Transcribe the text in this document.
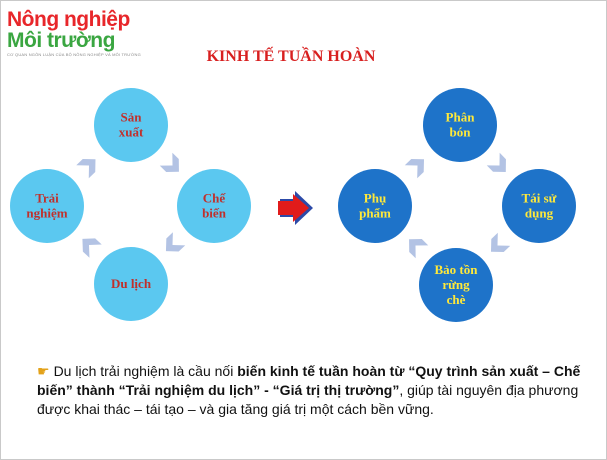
Nông nghiệp
Môi trường
CƠ QUAN NGÔN LUẬN CỦA BỘ NÔNG NGHIỆP VÀ MÔI TRƯỜNG	KINH TẾ TUẦN HOÀN
Sản
xuất
Chế
biến
Du lịch
Trải
nghiệm
Phân
bón
Tái sử
dụng
Bảo tồn
rừng
chè
Phụ
phẩm
☛ Du lịch trải nghiệm là cầu nối biến kinh tế tuần hoàn từ “Quy trình sản xuất – Chế biến” thành “Trải nghiệm du lịch” - “Giá trị thị trường”, giúp tài nguyên địa phương được khai thác – tái tạo – và gia tăng giá trị một cách bền vững.
